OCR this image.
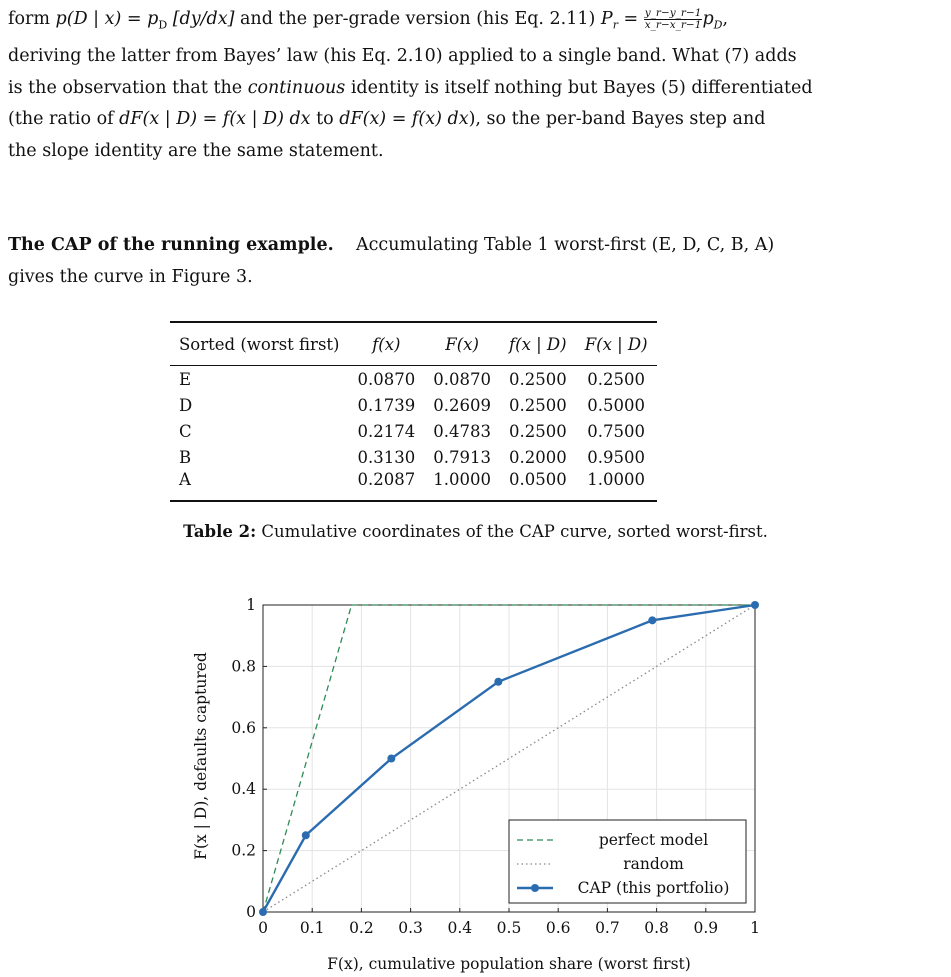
form p(D | $x) = p_D$ [dy/dx] and the per-grade version (his Eq. 2.11) $P_r = \frac{y\_r-y\_r-1}{x\_r-x\_r-1} p_D$,
deriving the latter from Bayes’ law (his Eq. 2.10) applied to a single band. What (7) adds
is the observation that the continuous identity is itself nothing but Bayes (5) differentiated
(the ratio of dF(x | D) = f(x | D) dx to dF(x) = f(x) dx), so the per-band Bayes step and
the slope identity are the same statement.
The CAP of the running example. Accumulating Table 1 worst-first (E, D, C, B, A)
gives the curve in Figure 3.
Sorted (worst first)	f(x)	F(x)	f(x | D)	F(x | D)
E	0.0870	0.0870	0.2500	0.2500
D	0.1739	0.2609	0.2500	0.5000
C	0.2174	0.4783	0.2500	0.7500
B	0.3130	0.7913	0.2000	0.9500
A	0.2087	1.0000	0.0500	1.0000
Table 2: Cumulative coordinates of the CAP curve, sorted worst-first.
0 0.1 0.2 0.3 0.4 0.5 0.6 0.7 0.8 0.9 1
0
0.2
0.4
0.6
0.8
1
perfect model
random
CAP (this portfolio)
F(x), cumulative population share (worst first)
F(x | D), defaults captured
